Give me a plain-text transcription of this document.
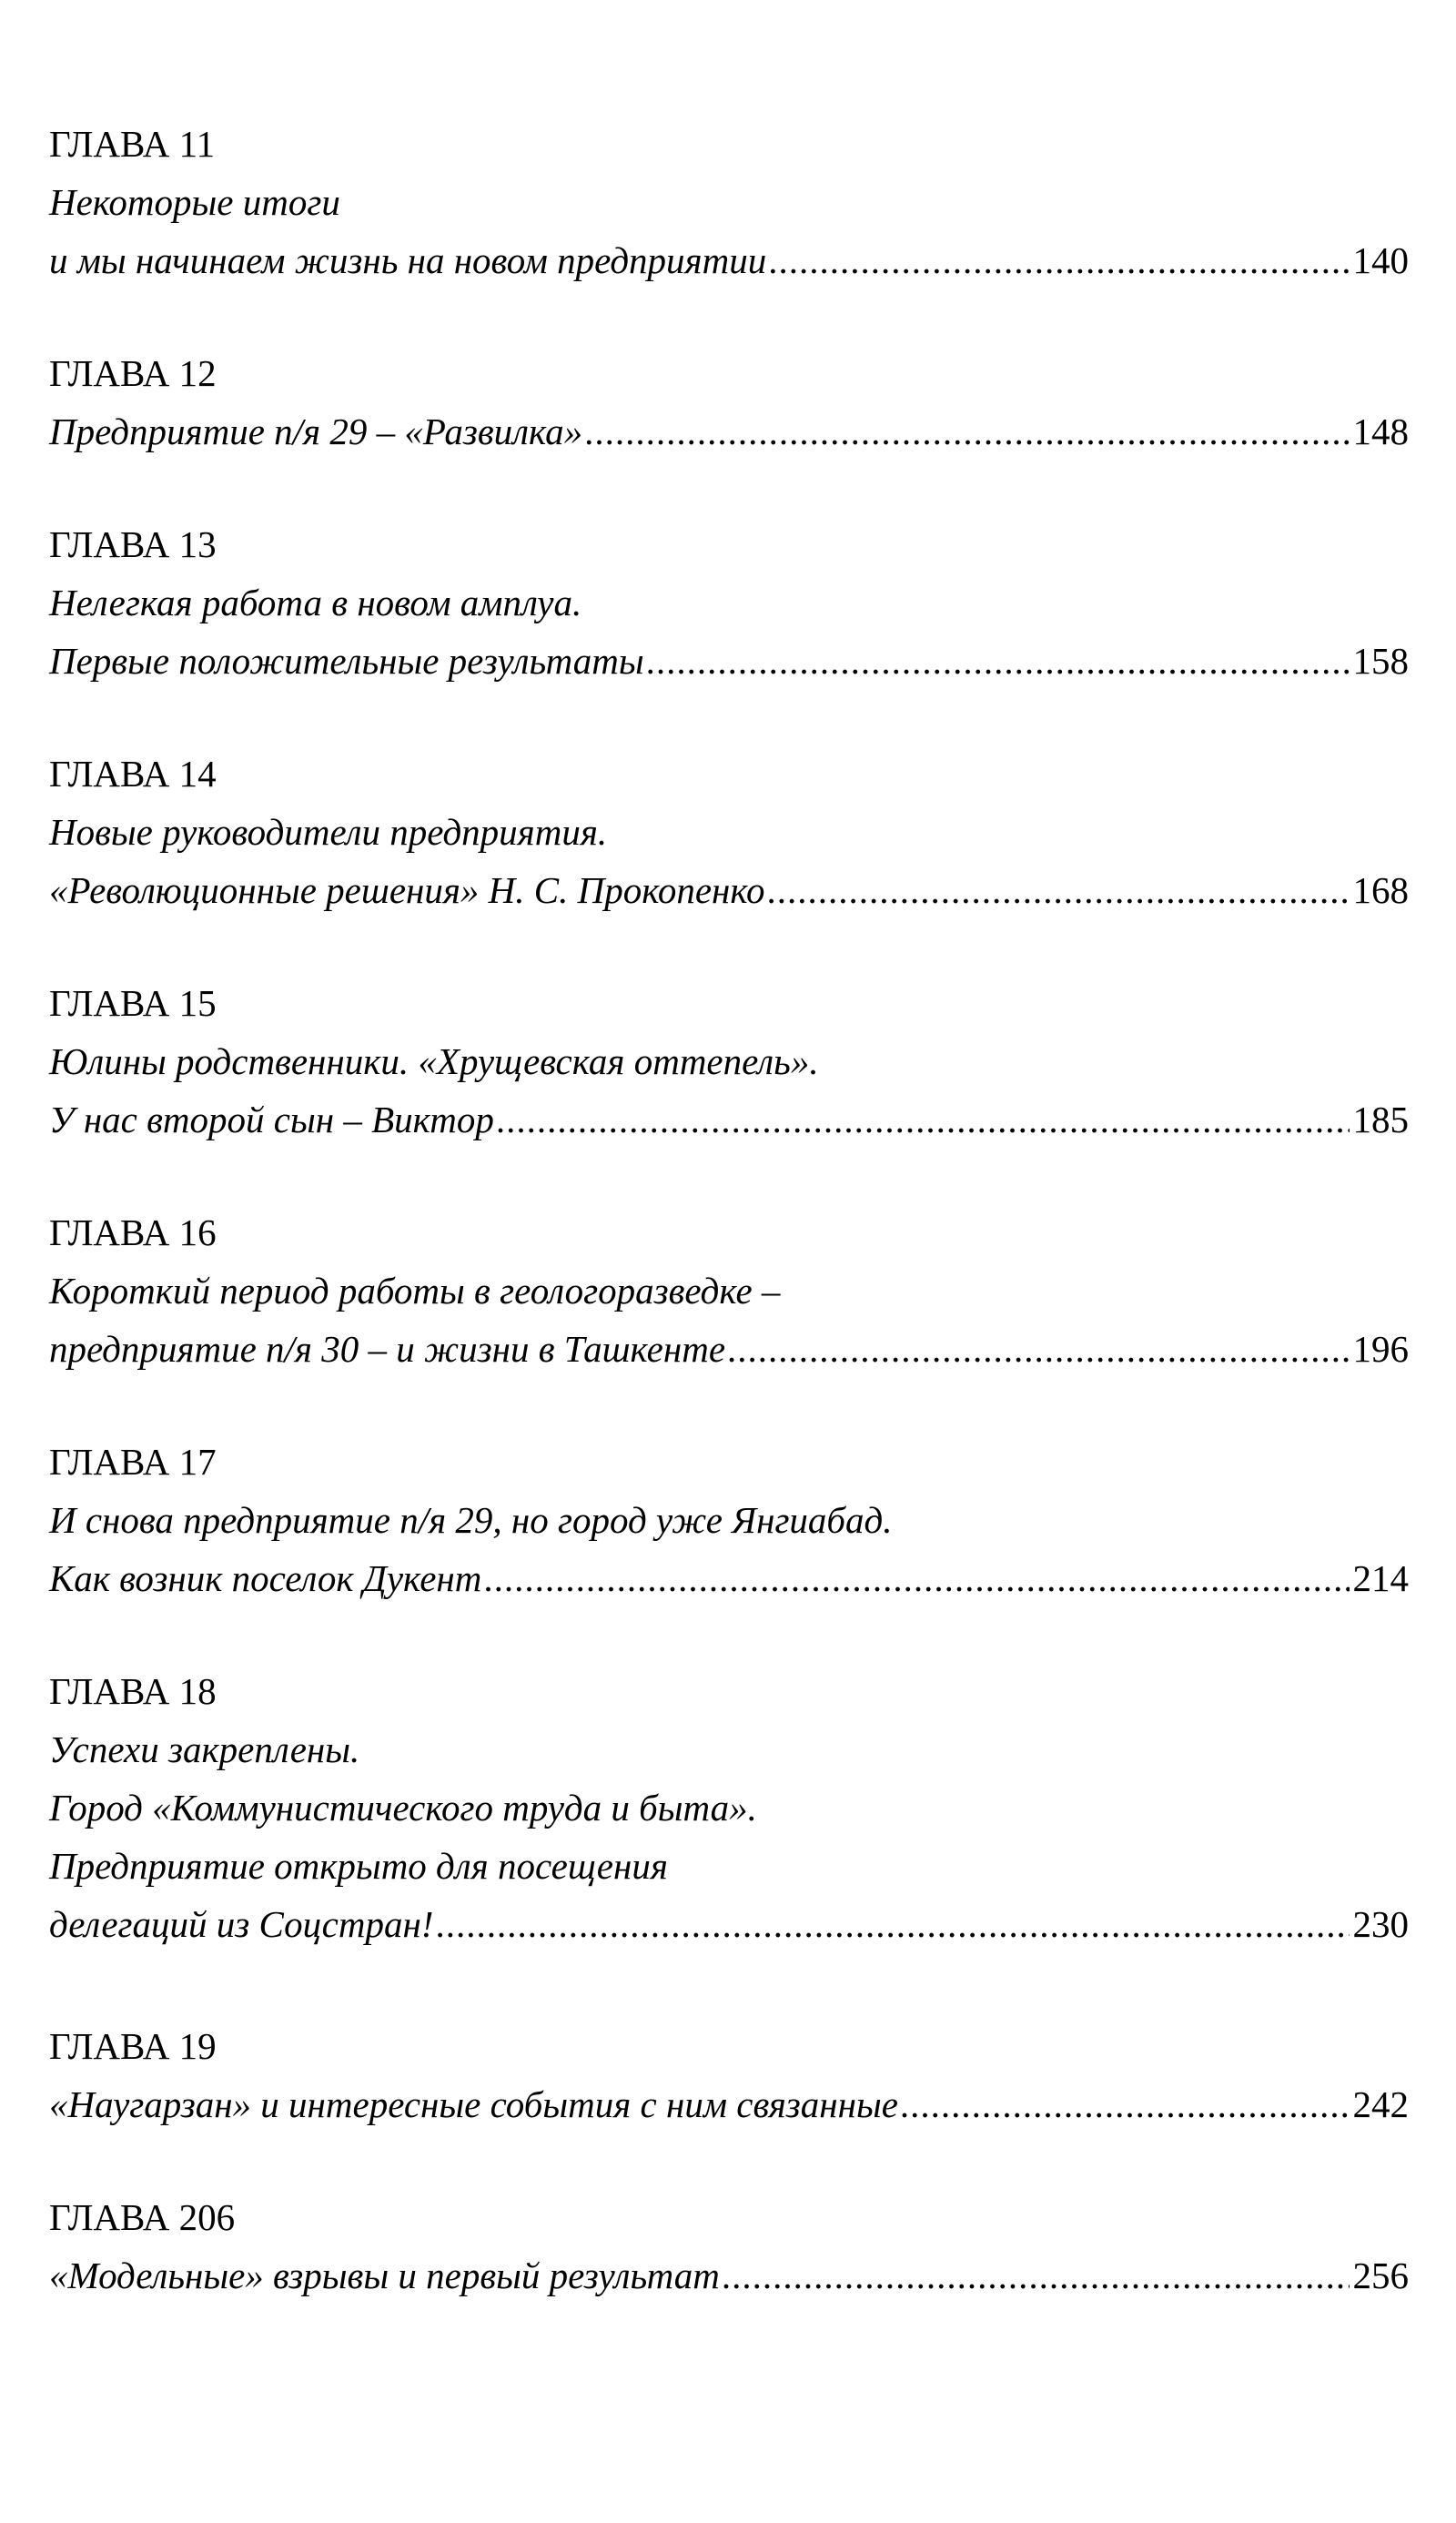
ГЛАВА 11
Некоторые итоги
и мы начинаем жизнь на новом предприятии .....	140
ГЛАВА 12
Предприятие п/я 29 – «Развилка» .....	148
ГЛАВА 13
Нелегкая работа в новом амплуа.
Первые положительные результаты .....	158
ГЛАВА 14
Новые руководители предприятия.
«Революционные решения» Н. С. Прокопенко .....	168
ГЛАВА 15
Юлины родственники. «Хрущевская оттепель».
У нас второй сын – Виктор .....	185
ГЛАВА 16
Короткий период работы в геологоразведке –
предприятие п/я 30 – и жизни в Ташкенте .....	196
ГЛАВА 17
И снова предприятие п/я 29, но город уже Янгиабад.
Как возник поселок Дукент .....	214
ГЛАВА 18
Успехи закреплены.
Город «Коммунистического труда и быта».
Предприятие открыто для посещения
делегаций из Соцстран! .....	230
ГЛАВА 19
«Наугарзан» и интересные события с ним связанные .....	242
ГЛАВА 206
«Модельные» взрывы и первый результат .....	256
